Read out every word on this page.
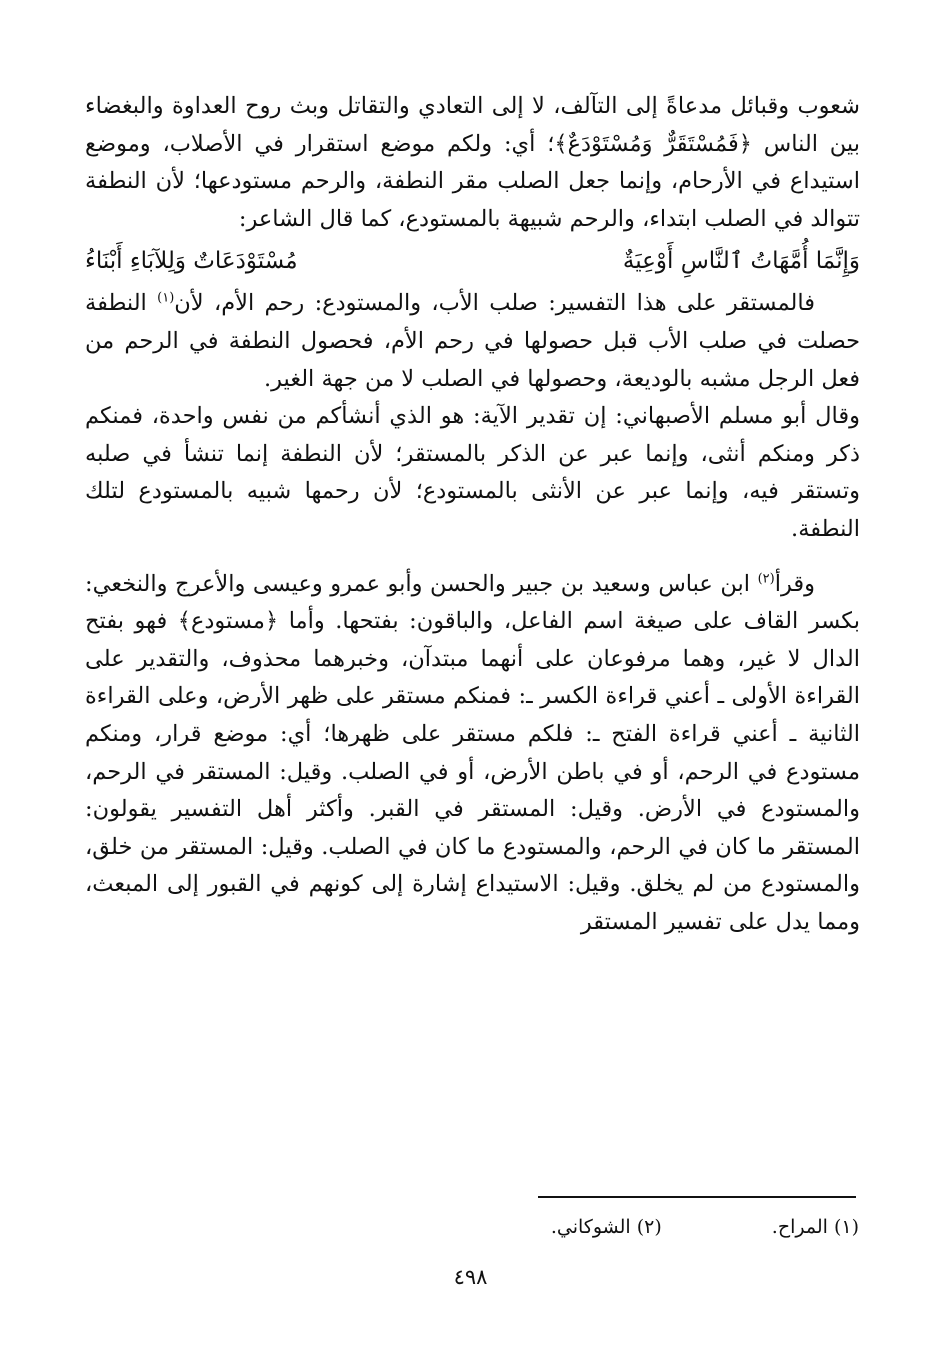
شعوب وقبائل مدعاةً إلى التآلف، لا إلى التعادي والتقاتل وبث روح العداوة والبغضاء بين الناس ﴿فَمُسْتَقَرٌّ وَمُسْتَوْدَعٌ﴾؛ أي: ولكم موضع استقرار في الأصلاب، وموضع استيداع في الأرحام، وإنما جعل الصلب مقر النطفة، والرحم مستودعها؛ لأن النطفة تتوالد في الصلب ابتداء، والرحم شبيهة بالمستودع، كما قال الشاعر:

وَإِنَّمَا أُمَّهَاتُ ٱلنَّاسِ أَوْعِيَةٌ
مُسْتَوْدَعَاتٌ وَلِلآبَاءِ أَبْنَاءُ

فالمستقر على هذا التفسير: صلب الأب، والمستودع: رحم الأم، لأن$^{(١)}$ النطفة حصلت في صلب الأب قبل حصولها في رحم الأم، فحصول النطفة في الرحم من فعل الرجل مشبه بالوديعة، وحصولها في الصلب لا من جهة الغير.

وقال أبو مسلم الأصبهاني: إن تقدير الآية: هو الذي أنشأكم من نفس واحدة، فمنكم ذكر ومنكم أنثى، وإنما عبر عن الذكر بالمستقر؛ لأن النطفة إنما تنشأ في صلبه وتستقر فيه، وإنما عبر عن الأنثى بالمستودع؛ لأن رحمها شبيه بالمستودع لتلك النطفة.

وقرأ$^{(٢)}$ ابن عباس وسعيد بن جبير والحسن وأبو عمرو وعيسى والأعرج والنخعي: بكسر القاف على صيغة اسم الفاعل، والباقون: بفتحها. وأما ﴿مستودع﴾ فهو بفتح الدال لا غير، وهما مرفوعان على أنهما مبتدآن، وخبرهما محذوف، والتقدير على القراءة الأولى ـ أعني قراءة الكسر ـ: فمنكم مستقر على ظهر الأرض، وعلى القراءة الثانية ـ أعني قراءة الفتح ـ: فلكم مستقر على ظهرها؛ أي: موضع قرار، ومنكم مستودع في الرحم، أو في باطن الأرض، أو في الصلب. وقيل: المستقر في الرحم، والمستودع في الأرض. وقيل: المستقر في القبر. وأكثر أهل التفسير يقولون: المستقر ما كان في الرحم، والمستودع ما كان في الصلب. وقيل: المستقر من خلق، والمستودع من لم يخلق. وقيل: الاستيداع إشارة إلى كونهم في القبور إلى المبعث، ومما يدل على تفسير المستقر

(١) المراح.
(٢) الشوكاني.
٤٩٨
